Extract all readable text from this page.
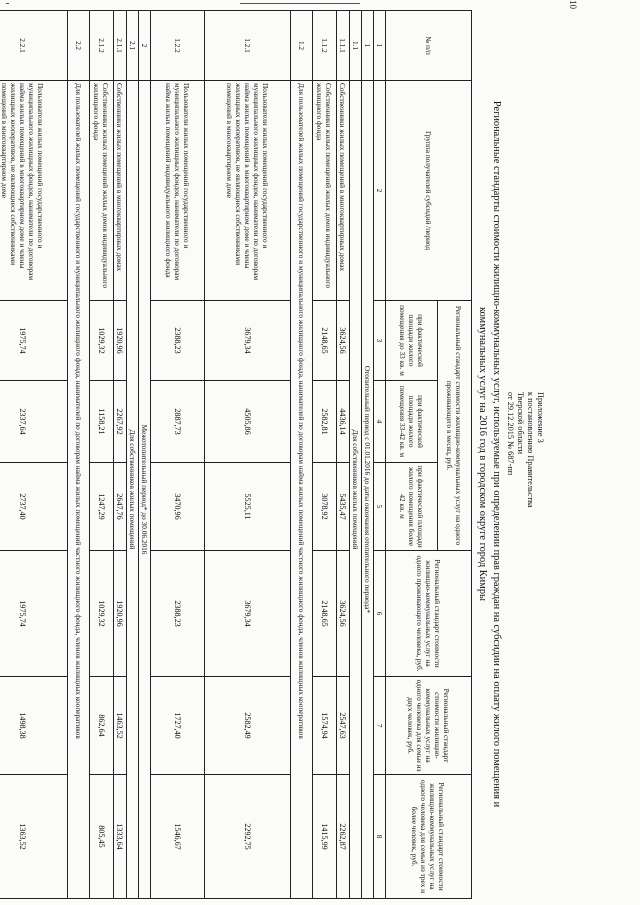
10
Приложение 3
к постановлению Правительства
Тверской области
от 29.12.2015 № 687-пп
Региональные стандарты стоимости жилищно-коммунальных услуг, используемые при определении прав граждан на субсидии на оплату жилого помещения и
коммунальных услуг на 2016 год в городском округе город Кимры
№ п/п	Группа получателей субсидий /период	Региональный стандарт стоимости жилищно-коммунальных услуг на одного проживающего в месяц, руб.			Региональный стандарт стоимости жилищно-коммунальных услуг на одного проживающего человека, руб.	Региональный стандарт стоимости жилищно-коммунальных услуг на одного человека для семьи из двух человек, руб.	Региональный стандарт стоимости жилищно-коммунальных услуг на одного человека для семьи из трех и более человек, руб.
		при фактической площади жилого помещения до 33 кв. м	при фактической площади жилого помещения 33-42 кв. м	при фактической площади жилого помещения более 42 кв. м			
1	2	3	4	5	6	7	8
1	Отопительный период с 01.01.2016 до даты окончания отопительного периода*						
1.1	Для собственников жилых помещений						
1.1.1	Собственники жилых помещений в многоквартирных домах	3624,56	4436,14	5435,47	3624,56	2547,63	2262,87
1.1.2	Собственники жилых помещений жилых домов индивидуального жилищного фонда	2148,65	2582,81	3078,92	2148,65	1574,94	1415,99
1.2	Для пользователей жилых помещений государственного и муниципального жилищного фонда, нанимателей по договорам найма жилых помещений частного жилищного фонда, членов жилищных кооперативов						
1.2.1	Пользователи жилых помещений государственного и муниципального жилищных фондов, наниматели по договорам найма жилых помещений в многоквартирном доме и члены жилищных кооперативов, не являющиеся собственниками помещений в многоквартирном доме	3679,34	4505,86	5525,11	3679,34	2582,49	2292,75
1.2.2	Пользователи жилых помещений государственного и муниципального жилищных фондов, наниматели по договорам найма жилых помещений индивидуального жилищного фонда	2388,23	2887,73	3470,96	2388,23	1727,40	1546,67
2	Межотопительный период* до 30.06.2016						
2.1	Для собственников жилых помещений						
2.1.1	Собственники жилых помещений в многоквартирных домах	1920,96	2267,92	2647,76	1920,96	1463,52	1333,64
2.1.2	Собственники жилых помещений жилых домов индивидуального жилищного фонда	1029,32	1158,21	1247,29	1029,32	862,64	805,45
2.2	Для пользователей жилых помещений государственного и муниципального жилищного фонда, нанимателей по договорам найма жилых помещений частного жилищного фонда, членов жилищных кооперативов						
2.2.1	Пользователи жилых помещений государственного и муниципального жилищных фондов, наниматели по договорам найма жилых помещений в многоквартирном доме и члены жилищных кооперативов, не являющиеся собственниками помещений в многоквартирном доме	1975,74	2337,64	2737,40	1975,74	1498,38	1363,52
